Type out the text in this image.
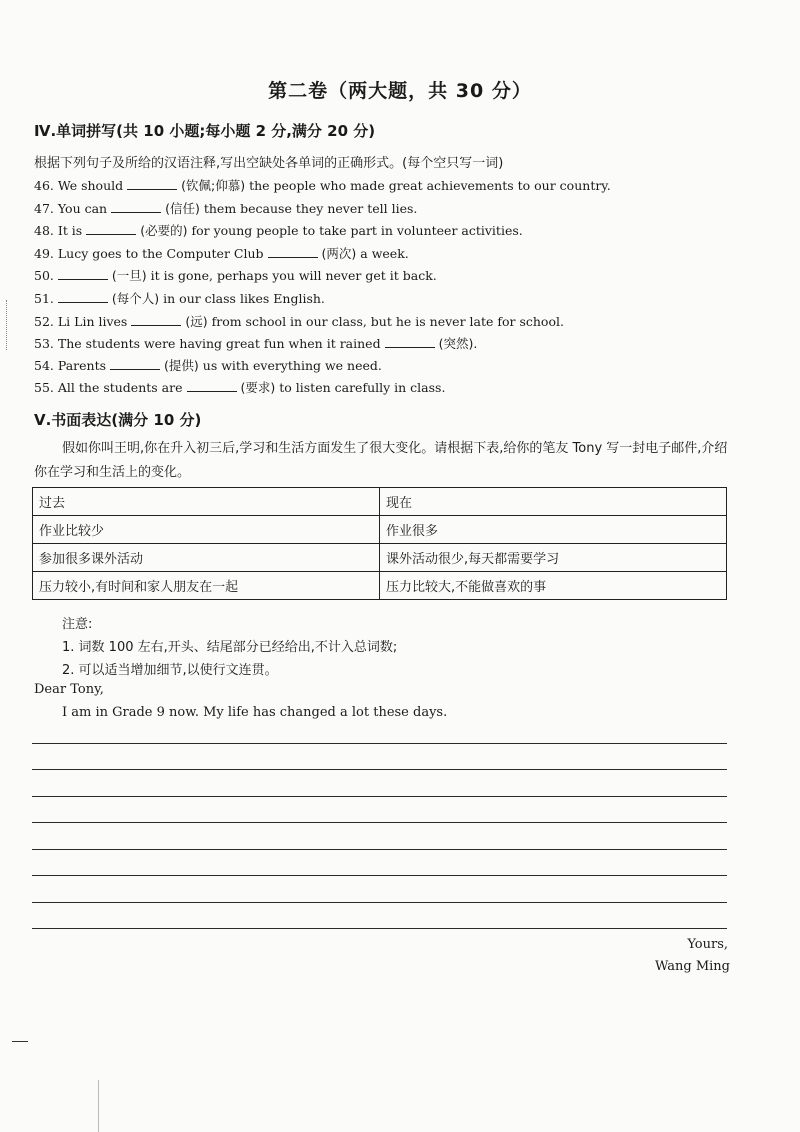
第二卷（两大题，共 30 分）
Ⅳ.单词拼写(共 10 小题;每小题 2 分,满分 20 分)
根据下列句子及所给的汉语注释,写出空缺处各单词的正确形式。(每个空只写一词)
46. We should	(钦佩;仰慕) the people who made great achievements to our country.
47. You can	(信任) them because they never tell lies.
48. It is	(必要的) for young people to take part in volunteer activities.
49. Lucy goes to the Computer Club	(两次) a week.
50.	(一旦) it is gone, perhaps you will never get it back.
51.	(每个人) in our class likes English.
52. Li Lin lives	(远) from school in our class, but he is never late for school.
53. The students were having great fun when it rained	(突然).
54. Parents	(提供) us with everything we need.
55. All the students are	(要求) to listen carefully in class.
Ⅴ.书面表达(满分 10 分)
假如你叫王明,你在升入初三后,学习和生活方面发生了很大变化。请根据下表,给你的笔友 Tony 写一封电子邮件,介绍你在学习和生活上的变化。
过去	现在
作业比较少	作业很多
参加很多课外活动	课外活动很少,每天都需要学习
压力较小,有时间和家人朋友在一起	压力比较大,不能做喜欢的事
注意:
1. 词数 100 左右,开头、结尾部分已经给出,不计入总词数;
2. 可以适当增加细节,以使行文连贯。
Dear Tony,
I am in Grade 9 now. My life has changed a lot these days.
Yours,
Wang Ming
